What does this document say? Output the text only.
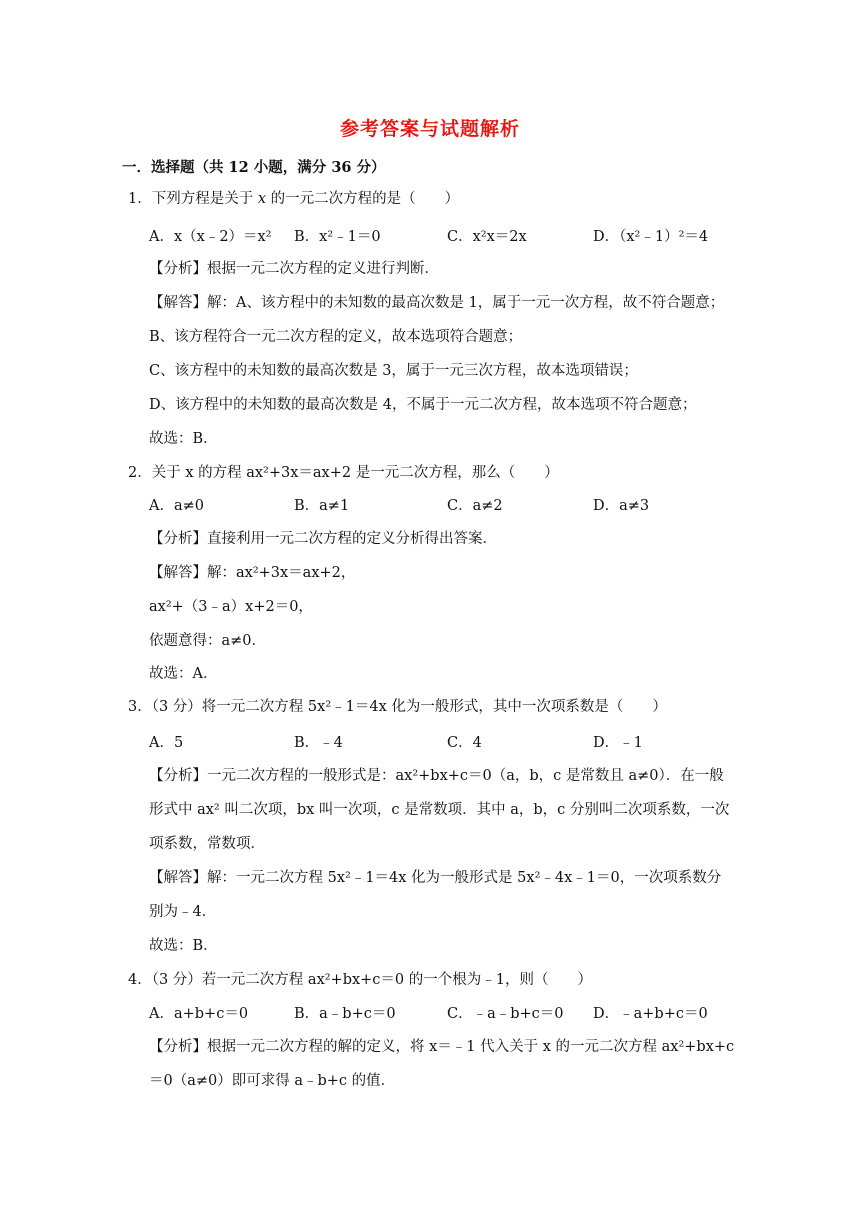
参考答案与试题解析
一．选择题（共 12 小题，满分 36 分）
1．下列方程是关于 x 的一元二次方程的是（　　）
A．x（x﹣2）＝x² B．x²﹣1＝0	C．x²x＝2x	D．（x²﹣1）²＝4
【分析】根据一元二次方程的定义进行判断．
【解答】解：A、该方程中的未知数的最高次数是 1，属于一元一次方程，故不符合题意；
B、该方程符合一元二次方程的定义，故本选项符合题意；
C、该方程中的未知数的最高次数是 3，属于一元三次方程，故本选项错误；
D、该方程中的未知数的最高次数是 4，不属于一元二次方程，故本选项不符合题意；
故选：B．
2．关于 x 的方程 ax²+3x＝ax+2 是一元二次方程，那么（　　）
A．a≠0	B．a≠1	C．a≠2	D．a≠3
【分析】直接利用一元二次方程的定义分析得出答案．
【解答】解：ax²+3x＝ax+2，
ax²+（3﹣a）x+2＝0，
依题意得：a≠0．
故选：A．
3．（3 分）将一元二次方程 5x²﹣1＝4x 化为一般形式，其中一次项系数是（　　）
A．5	B．﹣4	C．4	D．﹣1
【分析】一元二次方程的一般形式是：ax²+bx+c＝0（a，b，c 是常数且 a≠0）．在一般
形式中 ax² 叫二次项，bx 叫一次项，c 是常数项．其中 a，b，c 分别叫二次项系数，一次
项系数，常数项．
【解答】解：一元二次方程 5x²﹣1＝4x 化为一般形式是 5x²﹣4x﹣1＝0，一次项系数分
别为﹣4．
故选：B．
4．（3 分）若一元二次方程 ax²+bx+c＝0 的一个根为﹣1，则（　　）
A．a+b+c＝0	B．a﹣b+c＝0	C．﹣a﹣b+c＝0 D．﹣a+b+c＝0
【分析】根据一元二次方程的解的定义，将 x＝﹣1 代入关于 x 的一元二次方程 ax²+bx+c
＝0（a≠0）即可求得 a﹣b+c 的值．
